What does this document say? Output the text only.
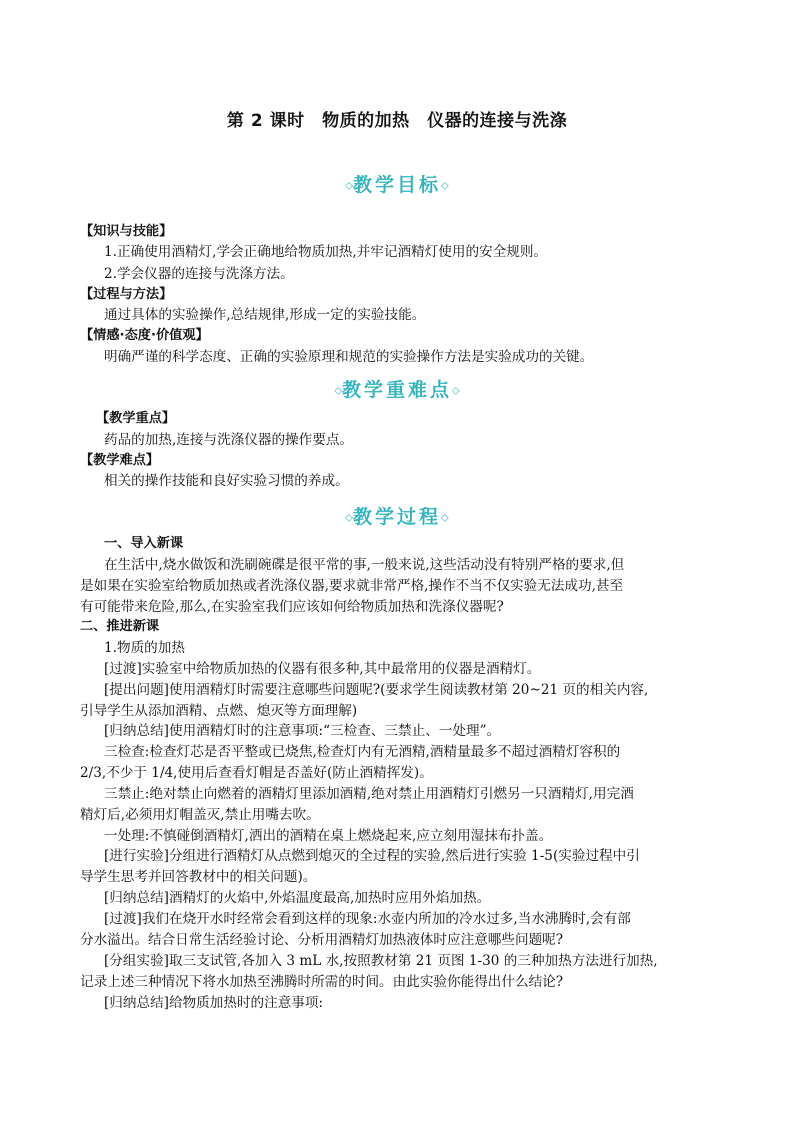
第 2 课时　物质的加热　仪器的连接与洗涤
◇教学目标◇

【知识与技能】

1.正确使用酒精灯,学会正确地给物质加热,并牢记酒精灯使用的安全规则。

2.学会仪器的连接与洗涤方法。

【过程与方法】

通过具体的实验操作,总结规律,形成一定的实验技能。

【情感·态度·价值观】

明确严谨的科学态度、正确的实验原理和规范的实验操作方法是实验成功的关键。

◇教学重难点◇

【教学重点】

药品的加热,连接与洗涤仪器的操作要点。

【教学难点】

相关的操作技能和良好实验习惯的养成。

◇教学过程◇

一、导入新课

在生活中,烧水做饭和洗刷碗碟是很平常的事,一般来说,这些活动没有特别严格的要求,但

是如果在实验室给物质加热或者洗涤仪器,要求就非常严格,操作不当不仅实验无法成功,甚至

有可能带来危险,那么,在实验室我们应该如何给物质加热和洗涤仪器呢?

二、推进新课

1.物质的加热

[过渡]实验室中给物质加热的仪器有很多种,其中最常用的仪器是酒精灯。

[提出问题]使用酒精灯时需要注意哪些问题呢?(要求学生阅读教材第 20~21 页的相关内容,

引导学生从添加酒精、点燃、熄灭等方面理解)

[归纳总结]使用酒精灯时的注意事项:“三检查、三禁止、一处理”。

三检查:检查灯芯是否平整或已烧焦,检查灯内有无酒精,酒精量最多不超过酒精灯容积的

2/3,不少于 1/4,使用后查看灯帽是否盖好(防止酒精挥发)。

三禁止:绝对禁止向燃着的酒精灯里添加酒精,绝对禁止用酒精灯引燃另一只酒精灯,用完酒

精灯后,必须用灯帽盖灭,禁止用嘴去吹。

一处理:不慎碰倒酒精灯,洒出的酒精在桌上燃烧起来,应立刻用湿抹布扑盖。

[进行实验]分组进行酒精灯从点燃到熄灭的全过程的实验,然后进行实验 1-5(实验过程中引

导学生思考并回答教材中的相关问题)。

[归纳总结]酒精灯的火焰中,外焰温度最高,加热时应用外焰加热。

[过渡]我们在烧开水时经常会看到这样的现象:水壶内所加的冷水过多,当水沸腾时,会有部

分水溢出。结合日常生活经验讨论、分析用酒精灯加热液体时应注意哪些问题呢?

[分组实验]取三支试管,各加入 3 mL 水,按照教材第 21 页图 1-30 的三种加热方法进行加热,

记录上述三种情况下将水加热至沸腾时所需的时间。由此实验你能得出什么结论?

[归纳总结]给物质加热时的注意事项:
